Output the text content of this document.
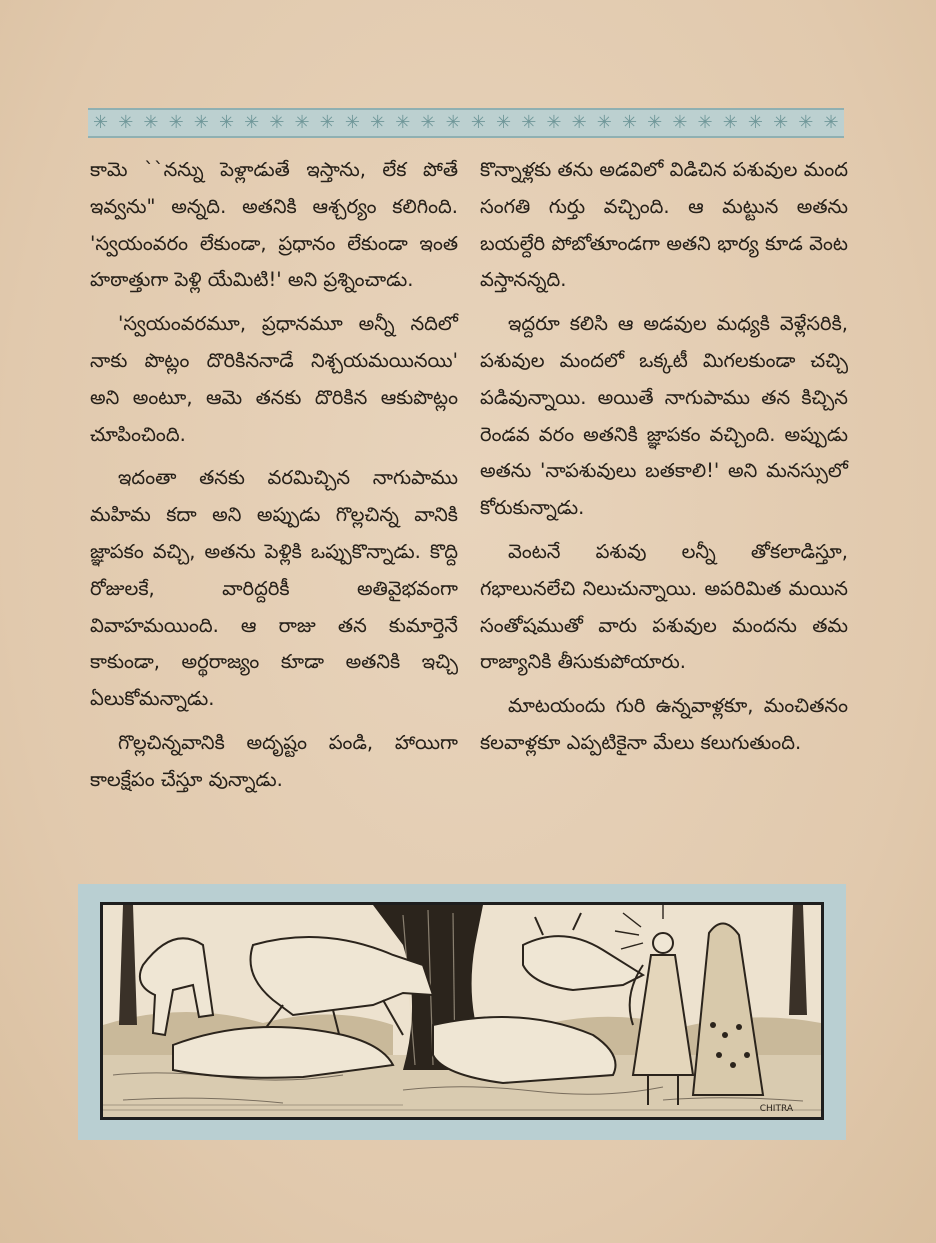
✳ ✳ ✳ ✳ ✳ ✳ ✳ ✳ ✳ ✳ ✳ ✳ ✳ ✳ ✳ ✳ ✳ ✳ ✳ ✳ ✳ ✳ ✳ ✳ ✳ ✳ ✳ ✳ ✳ ✳

కామె ``నన్ను పెళ్లాడుతే ఇస్తాను, లేక పోతే ఇవ్వను" అన్నది. అతనికి ఆశ్చర్యం కలిగింది. 'స్వయంవరం లేకుండా, ప్రధానం లేకుండా ఇంత హఠాత్తుగా పెళ్లి యేమిటి!' అని ప్రశ్నించాడు.

'స్వయంవరమూ, ప్రధానమూ అన్నీ నదిలో నాకు పొట్లం దొరికిననాడే నిశ్చయమయినయి' అని అంటూ, ఆమె తనకు దొరికిన ఆకుపొట్లం చూపించింది.

ఇదంతా తనకు వరమిచ్చిన నాగుపాము మహిమ కదా అని అప్పుడు గొల్లచిన్న వానికి జ్ఞాపకం వచ్చి, అతను పెళ్లికి ఒప్పుకొన్నాడు. కొద్ది రోజులకే, వారిద్దరికీ అతివైభవంగా వివాహమయింది. ఆ రాజు తన కుమార్తెనే కాకుండా, అర్థరాజ్యం కూడా అతనికి ఇచ్చి ఏలుకోమన్నాడు.

గొల్లచిన్నవానికి అదృష్టం పండి, హాయిగా కాలక్షేపం చేస్తూ వున్నాడు.

కొన్నాళ్లకు తను అడవిలో విడిచిన పశువుల మంద సంగతి గుర్తు వచ్చింది. ఆ మట్టున అతను బయల్దేరి పోబోతూండగా అతని భార్య కూడ వెంట వస్తానన్నది.

ఇద్దరూ కలిసి ఆ అడవుల మధ్యకి వెళ్లేసరికి, పశువుల మందలో ఒక్కటీ మిగలకుండా చచ్చి పడివున్నాయి. అయితే నాగుపాము తన కిచ్చిన రెండవ వరం అతనికి జ్ఞాపకం వచ్చింది. అప్పుడు అతను 'నాపశువులు బతకాలి!' అని మనస్సులో కోరుకున్నాడు.

వెంటనే పశువు లన్నీ తోకలాడిస్తూ, గభాలునలేచి నిలుచున్నాయి. అపరిమిత మయిన సంతోషముతో వారు పశువుల మందను తమ రాజ్యానికి తీసుకుపోయారు.

మాటయందు గురి ఉన్నవాళ్లకూ, మంచితనం కలవాళ్లకూ ఎప్పటికైనా మేలు కలుగుతుంది.

CHITRA
